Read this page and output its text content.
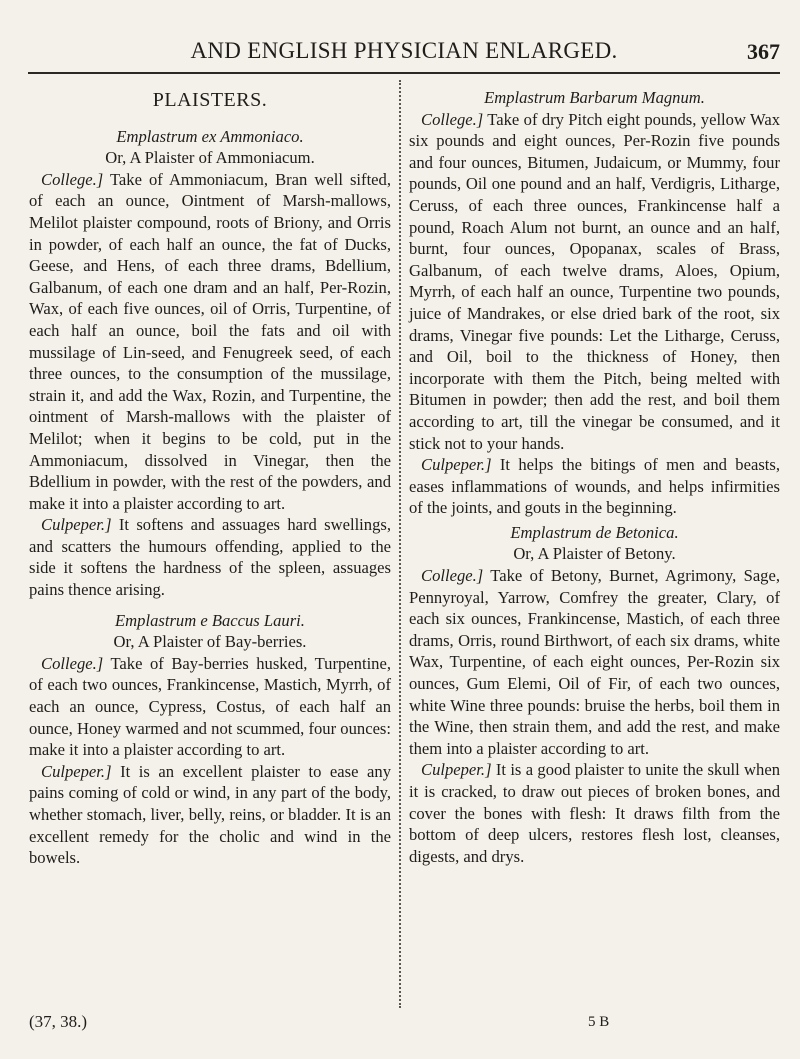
AND ENGLISH PHYSICIAN ENLARGED.	367
PLAISTERS.
Emplastrum ex Ammoniaco.
Or, A Plaister of Ammoniacum.

College.] Take of Ammoniacum, Bran well sifted, of each an ounce, Ointment of Marsh-mallows, Melilot plaister compound, roots of Briony, and Orris in powder, of each half an ounce, the fat of Ducks, Geese, and Hens, of each three drams, Bdellium, Galbanum, of each one dram and an half, Per-Rozin, Wax, of each five ounces, oil of Orris, Turpentine, of each half an ounce, boil the fats and oil with mussilage of Lin-seed, and Fenugreek seed, of each three ounces, to the consumption of the mussilage, strain it, and add the Wax, Rozin, and Turpentine, the ointment of Marsh-mallows with the plaister of Melilot; when it begins to be cold, put in the Ammoniacum, dissolved in Vinegar, then the Bdellium in powder, with the rest of the powders, and make it into a plaister according to art.

Culpeper.] It softens and assuages hard swellings, and scatters the humours offending, applied to the side it softens the hardness of the spleen, assuages pains thence arising.

Emplastrum e Baccus Lauri.
Or, A Plaister of Bay-berries.

College.] Take of Bay-berries husked, Turpentine, of each two ounces, Frankincense, Mastich, Myrrh, of each an ounce, Cypress, Costus, of each half an ounce, Honey warmed and not scummed, four ounces: make it into a plaister according to art.

Culpeper.] It is an excellent plaister to ease any pains coming of cold or wind, in any part of the body, whether stomach, liver, belly, reins, or bladder. It is an excellent remedy for the cholic and wind in the bowels.

Emplastrum Barbarum Magnum.

College.] Take of dry Pitch eight pounds, yellow Wax six pounds and eight ounces, Per-Rozin five pounds and four ounces, Bitumen, Judaicum, or Mummy, four pounds, Oil one pound and an half, Verdigris, Litharge, Ceruss, of each three ounces, Frankincense half a pound, Roach Alum not burnt, an ounce and an half, burnt, four ounces, Opopanax, scales of Brass, Galbanum, of each twelve drams, Aloes, Opium, Myrrh, of each half an ounce, Turpentine two pounds, juice of Mandrakes, or else dried bark of the root, six drams, Vinegar five pounds: Let the Litharge, Ceruss, and Oil, boil to the thickness of Honey, then incorporate with them the Pitch, being melted with Bitumen in powder; then add the rest, and boil them according to art, till the vinegar be consumed, and it stick not to your hands.

Culpeper.] It helps the bitings of men and beasts, eases inflammations of wounds, and helps infirmities of the joints, and gouts in the beginning.

Emplastrum de Betonica.
Or, A Plaister of Betony.

College.] Take of Betony, Burnet, Agrimony, Sage, Pennyroyal, Yarrow, Comfrey the greater, Clary, of each six ounces, Frankincense, Mastich, of each three drams, Orris, round Birthwort, of each six drams, white Wax, Turpentine, of each eight ounces, Per-Rozin six ounces, Gum Elemi, Oil of Fir, of each two ounces, white Wine three pounds: bruise the herbs, boil them in the Wine, then strain them, and add the rest, and make them into a plaister according to art.

Culpeper.] It is a good plaister to unite the skull when it is cracked, to draw out pieces of broken bones, and cover the bones with flesh: It draws filth from the bottom of deep ulcers, restores flesh lost, cleanses, digests, and drys.

(37, 38.)	5 B
